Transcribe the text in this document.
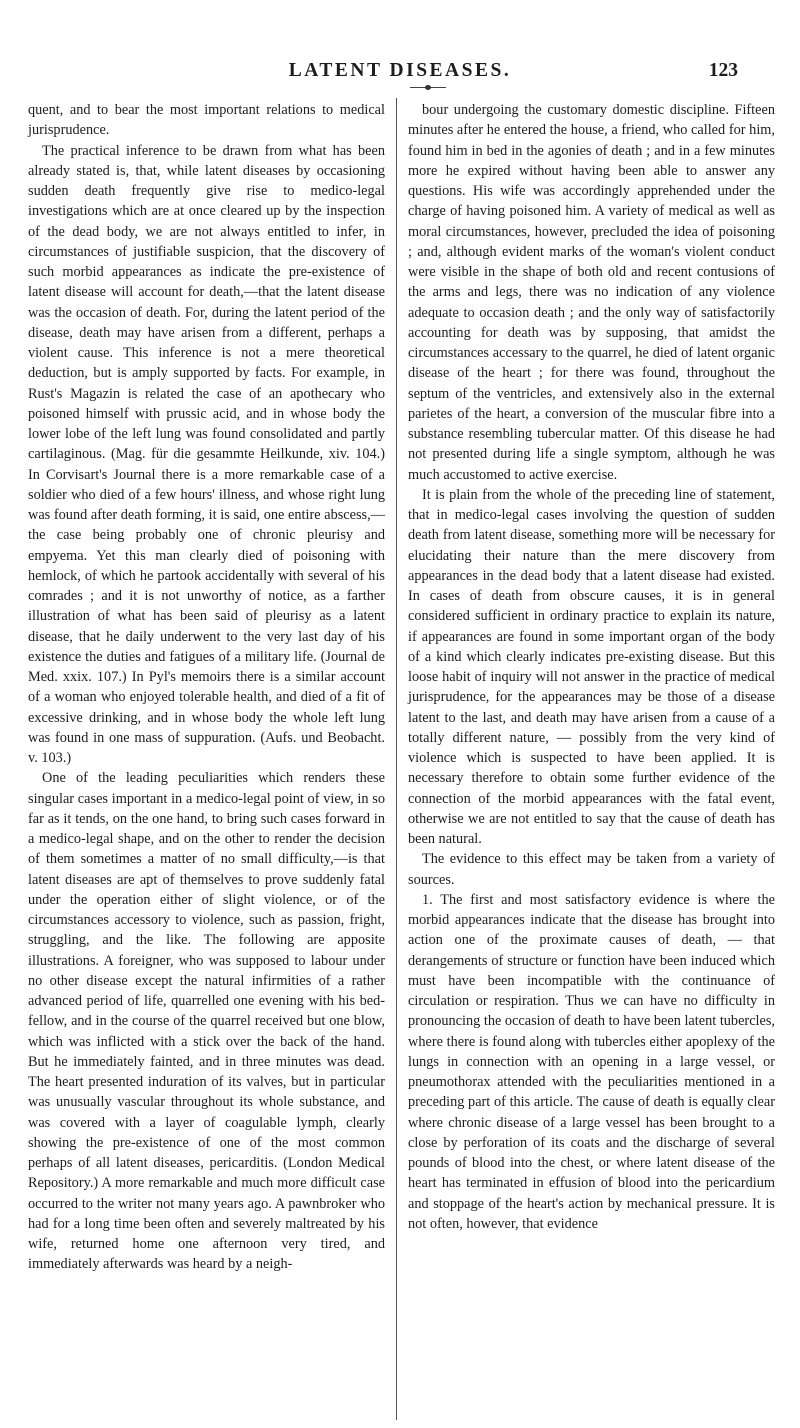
LATENT DISEASES.	123

quent, and to bear the most important relations to medical jurisprudence.

The practical inference to be drawn from what has been already stated is, that, while latent diseases by occasioning sudden death frequently give rise to medico-legal investigations which are at once cleared up by the inspection of the dead body, we are not always entitled to infer, in circumstances of justifiable suspicion, that the discovery of such morbid appearances as indicate the pre-existence of latent disease will account for death,—that the latent disease was the occasion of death. For, during the latent period of the disease, death may have arisen from a different, perhaps a violent cause. This inference is not a mere theoretical deduction, but is amply supported by facts. For example, in Rust's Magazin is related the case of an apothecary who poisoned himself with prussic acid, and in whose body the lower lobe of the left lung was found consolidated and partly cartilaginous. (Mag. für die gesammte Heilkunde, xiv. 104.) In Corvisart's Journal there is a more remarkable case of a soldier who died of a few hours' illness, and whose right lung was found after death forming, it is said, one entire abscess,—the case being probably one of chronic pleurisy and empyema. Yet this man clearly died of poisoning with hemlock, of which he partook accidentally with several of his comrades ; and it is not unworthy of notice, as a farther illustration of what has been said of pleurisy as a latent disease, that he daily underwent to the very last day of his existence the duties and fatigues of a military life. (Journal de Med. xxix. 107.) In Pyl's memoirs there is a similar account of a woman who enjoyed tolerable health, and died of a fit of excessive drinking, and in whose body the whole left lung was found in one mass of suppuration. (Aufs. und Beobacht. v. 103.)

One of the leading peculiarities which renders these singular cases important in a medico-legal point of view, in so far as it tends, on the one hand, to bring such cases forward in a medico-legal shape, and on the other to render the decision of them sometimes a matter of no small difficulty,—is that latent diseases are apt of themselves to prove suddenly fatal under the operation either of slight violence, or of the circumstances accessory to violence, such as passion, fright, struggling, and the like. The following are apposite illustrations. A foreigner, who was supposed to labour under no other disease except the natural infirmities of a rather advanced period of life, quarrelled one evening with his bed-fellow, and in the course of the quarrel received but one blow, which was inflicted with a stick over the back of the hand. But he immediately fainted, and in three minutes was dead. The heart presented induration of its valves, but in particular was unusually vascular throughout its whole substance, and was covered with a layer of coagulable lymph, clearly showing the pre-existence of one of the most common perhaps of all latent diseases, pericarditis. (London Medical Repository.) A more remarkable and much more difficult case occurred to the writer not many years ago. A pawnbroker who had for a long time been often and severely maltreated by his wife, returned home one afternoon very tired, and immediately afterwards was heard by a neigh-

bour undergoing the customary domestic discipline. Fifteen minutes after he entered the house, a friend, who called for him, found him in bed in the agonies of death ; and in a few minutes more he expired without having been able to answer any questions. His wife was accordingly apprehended under the charge of having poisoned him. A variety of medical as well as moral circumstances, however, precluded the idea of poisoning ; and, although evident marks of the woman's violent conduct were visible in the shape of both old and recent contusions of the arms and legs, there was no indication of any violence adequate to occasion death ; and the only way of satisfactorily accounting for death was by supposing, that amidst the circumstances accessary to the quarrel, he died of latent organic disease of the heart ; for there was found, throughout the septum of the ventricles, and extensively also in the external parietes of the heart, a conversion of the muscular fibre into a substance resembling tubercular matter. Of this disease he had not presented during life a single symptom, although he was much accustomed to active exercise.

It is plain from the whole of the preceding line of statement, that in medico-legal cases involving the question of sudden death from latent disease, something more will be necessary for elucidating their nature than the mere discovery from appearances in the dead body that a latent disease had existed. In cases of death from obscure causes, it is in general considered sufficient in ordinary practice to explain its nature, if appearances are found in some important organ of the body of a kind which clearly indicates pre-existing disease. But this loose habit of inquiry will not answer in the practice of medical jurisprudence, for the appearances may be those of a disease latent to the last, and death may have arisen from a cause of a totally different nature, — possibly from the very kind of violence which is suspected to have been applied. It is necessary therefore to obtain some further evidence of the connection of the morbid appearances with the fatal event, otherwise we are not entitled to say that the cause of death has been natural.

The evidence to this effect may be taken from a variety of sources.

1. The first and most satisfactory evidence is where the morbid appearances indicate that the disease has brought into action one of the proximate causes of death, — that derangements of structure or function have been induced which must have been incompatible with the continuance of circulation or respiration. Thus we can have no difficulty in pronouncing the occasion of death to have been latent tubercles, where there is found along with tubercles either apoplexy of the lungs in connection with an opening in a large vessel, or pneumothorax attended with the peculiarities mentioned in a preceding part of this article. The cause of death is equally clear where chronic disease of a large vessel has been brought to a close by perforation of its coats and the discharge of several pounds of blood into the chest, or where latent disease of the heart has terminated in effusion of blood into the pericardium and stoppage of the heart's action by mechanical pressure. It is not often, however, that evidence
